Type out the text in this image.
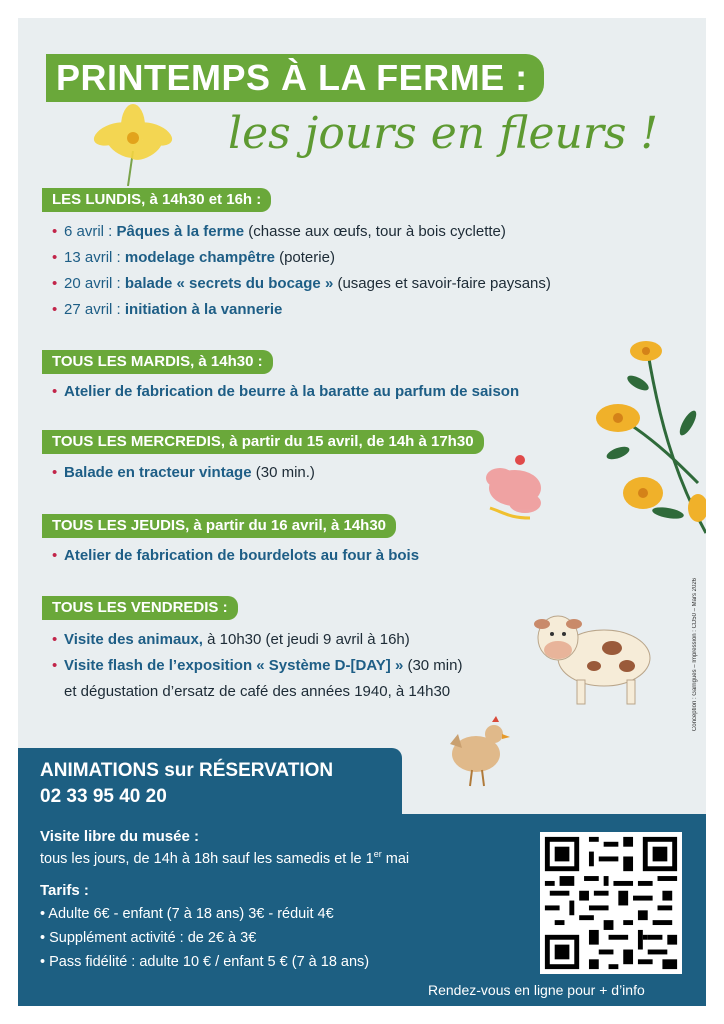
PRINTEMPS À LA FERME :
les jours en fleurs !
LES LUNDIS, à 14h30 et 16h :
• 6 avril : Pâques à la ferme (chasse aux œufs, tour à bois cyclette)
• 13 avril : modelage champêtre (poterie)
• 20 avril : balade « secrets du bocage » (usages et savoir-faire paysans)
• 27 avril : initiation à la vannerie
TOUS LES MARDIS, à 14h30 :
• Atelier de fabrication de beurre à la baratte au parfum de saison
TOUS LES MERCREDIS, à partir du 15 avril, de 14h à 17h30
• Balade en tracteur vintage (30 min.)
TOUS LES JEUDIS, à partir du 16 avril, à 14h30
• Atelier de fabrication de bourdelots au four à bois
TOUS LES VENDREDIS :
• Visite des animaux, à 10h30 (et jeudi 9 avril à 16h)
• Visite flash de l’exposition « Système D-[DAY] » (30 min)
et dégustation d’ersatz de café des années 1940, à 14h30	Conception : Garrigues – Impression : CD50 – Mars 2026
ANIMATIONS sur RÉSERVATION
02 33 95 40 20
Visite libre du musée :
tous les jours, de 14h à 18h sauf les samedis et le 1er mai
Tarifs :
• Adulte 6€ - enfant (7 à 18 ans) 3€ - réduit 4€
• Supplément activité : de 2€ à 3€
• Pass fidélité : adulte 10 € / enfant 5 € (7 à 18 ans)
Rendez-vous en ligne pour + d’info
